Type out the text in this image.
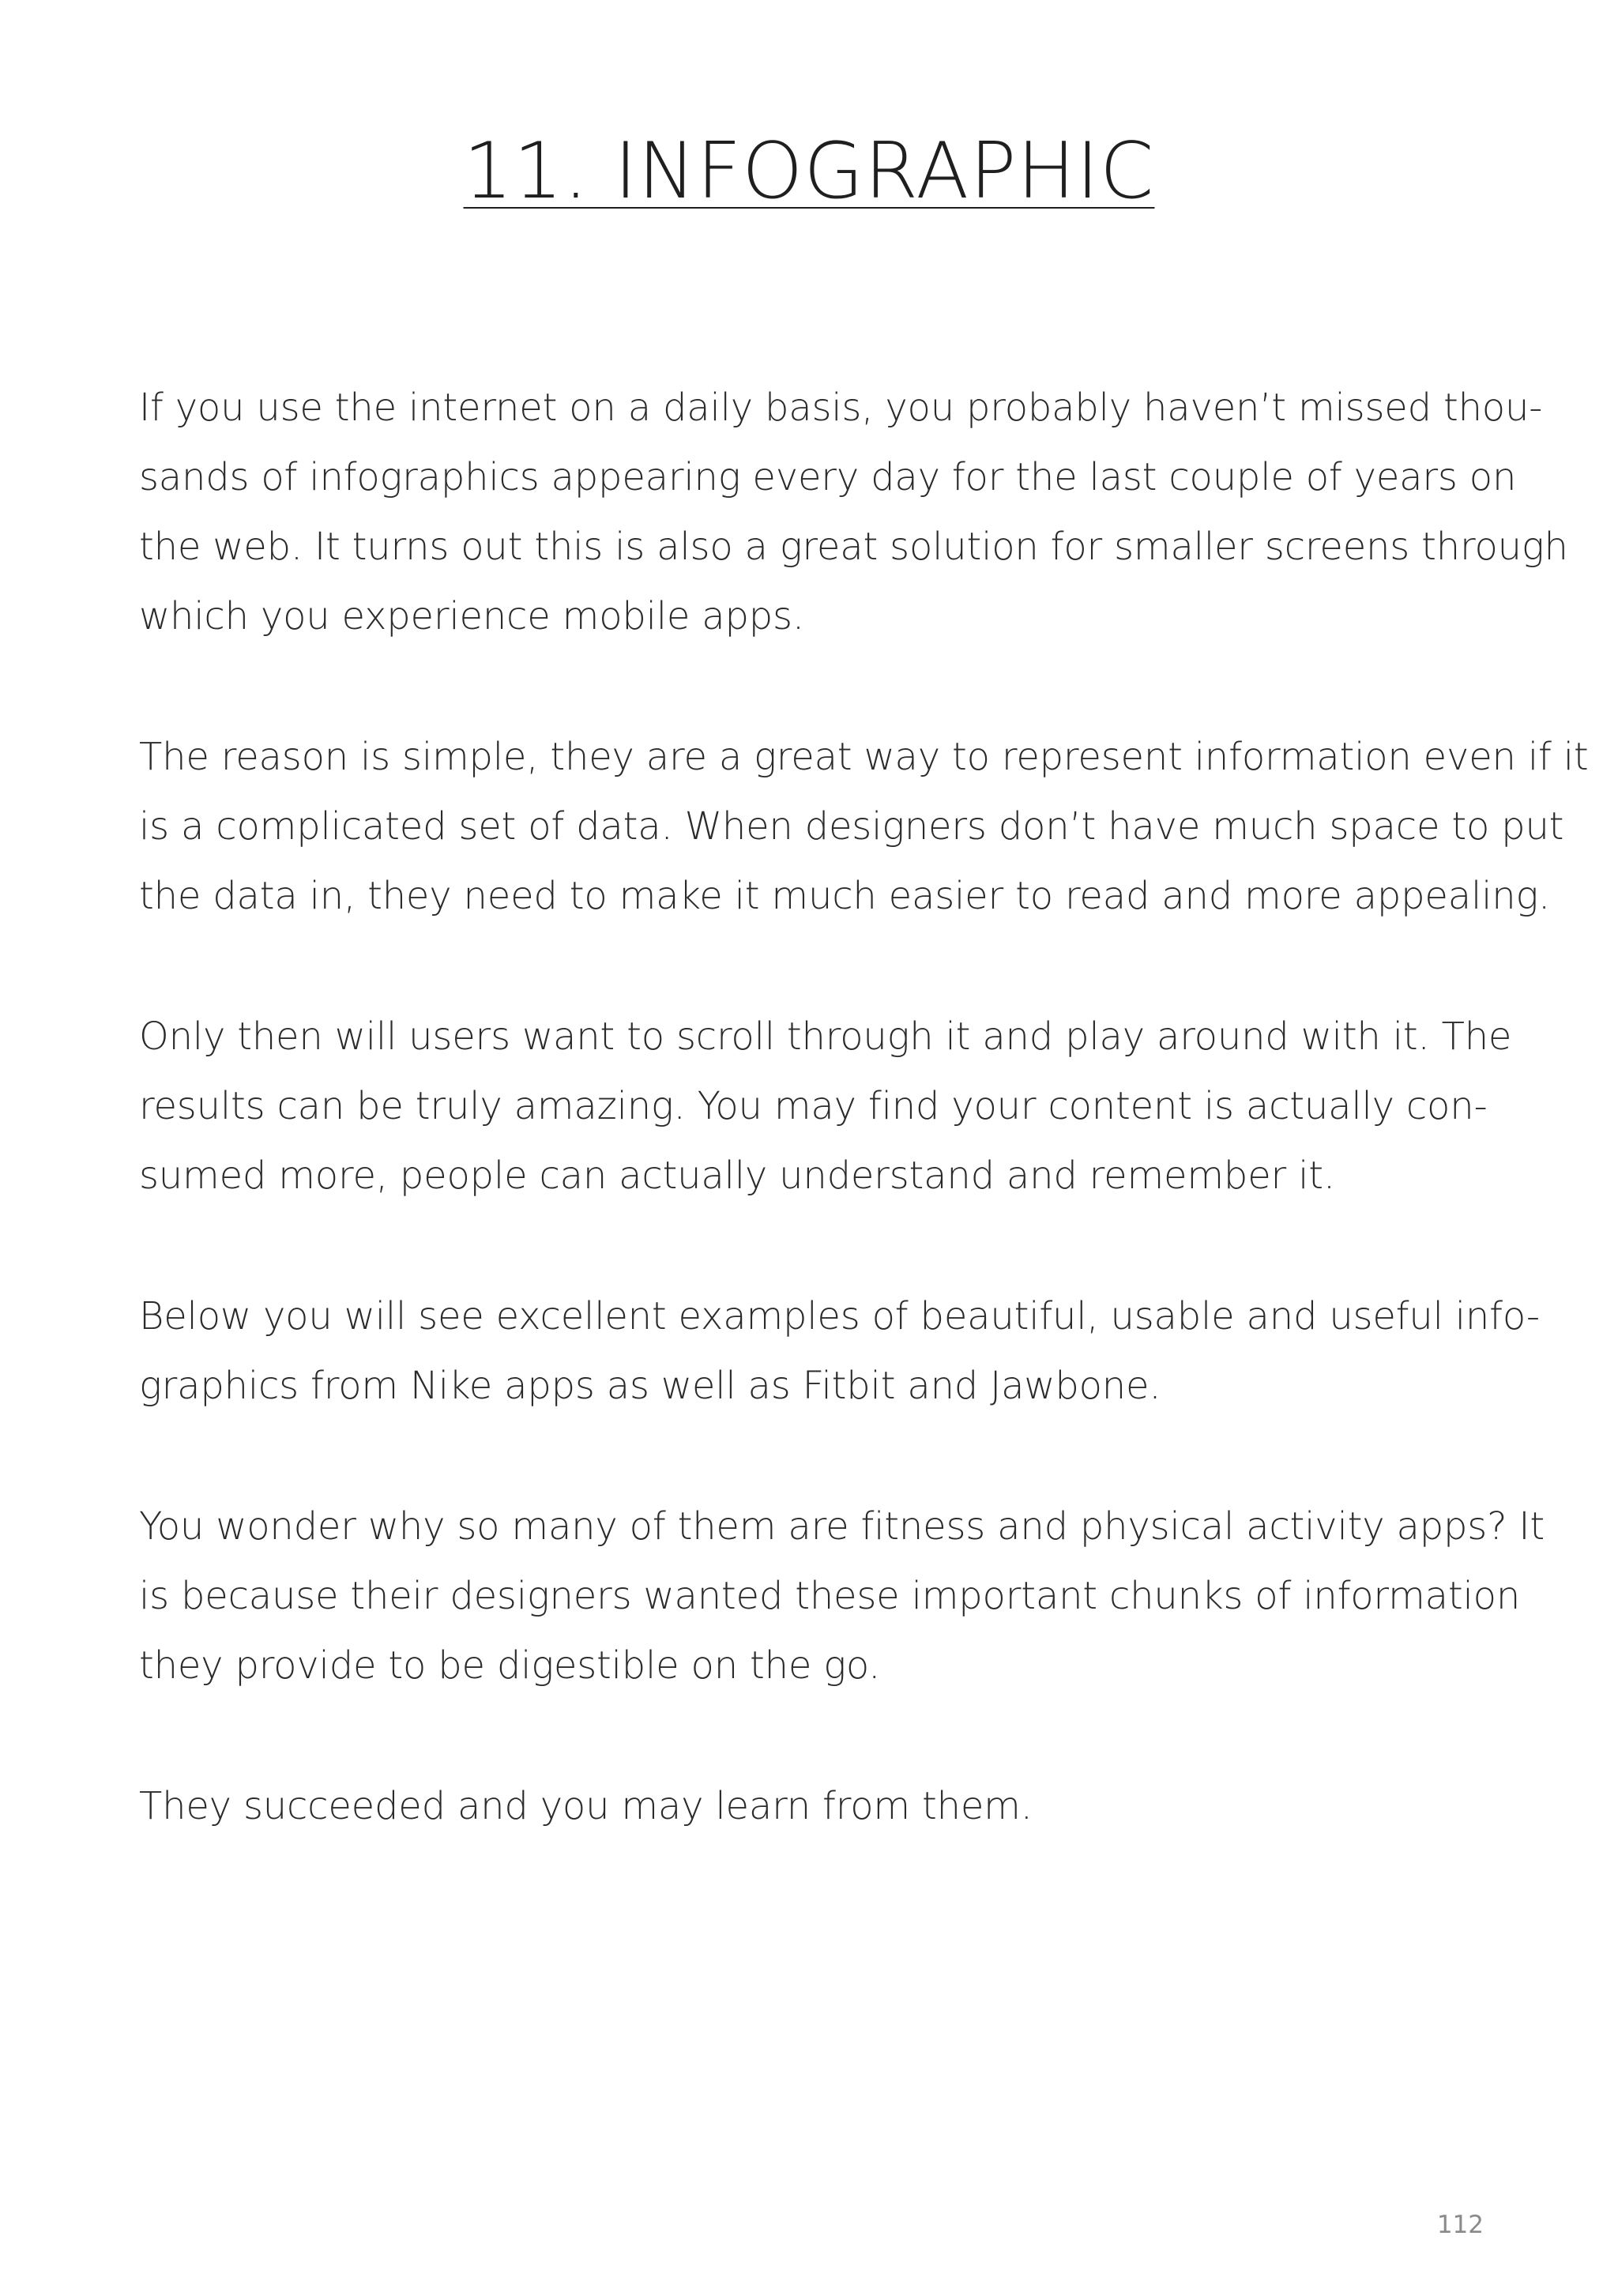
11. INFOGRAPHIC

If you use the internet on a daily basis, you probably haven’t missed thou-
sands of infographics appearing every day for the last couple of years on
the web. It turns out this is also a great solution for smaller screens through
which you experience mobile apps.

The reason is simple, they are a great way to represent information even if it
is a complicated set of data. When designers don’t have much space to put
the data in, they need to make it much easier to read and more appealing.

Only then will users want to scroll through it and play around with it. The
results can be truly amazing. You may find your content is actually con-
sumed more, people can actually understand and remember it.

Below you will see excellent examples of beautiful, usable and useful info-
graphics from Nike apps as well as Fitbit and Jawbone.

You wonder why so many of them are fitness and physical activity apps? It
is because their designers wanted these important chunks of information
they provide to be digestible on the go.

They succeeded and you may learn from them.

112
